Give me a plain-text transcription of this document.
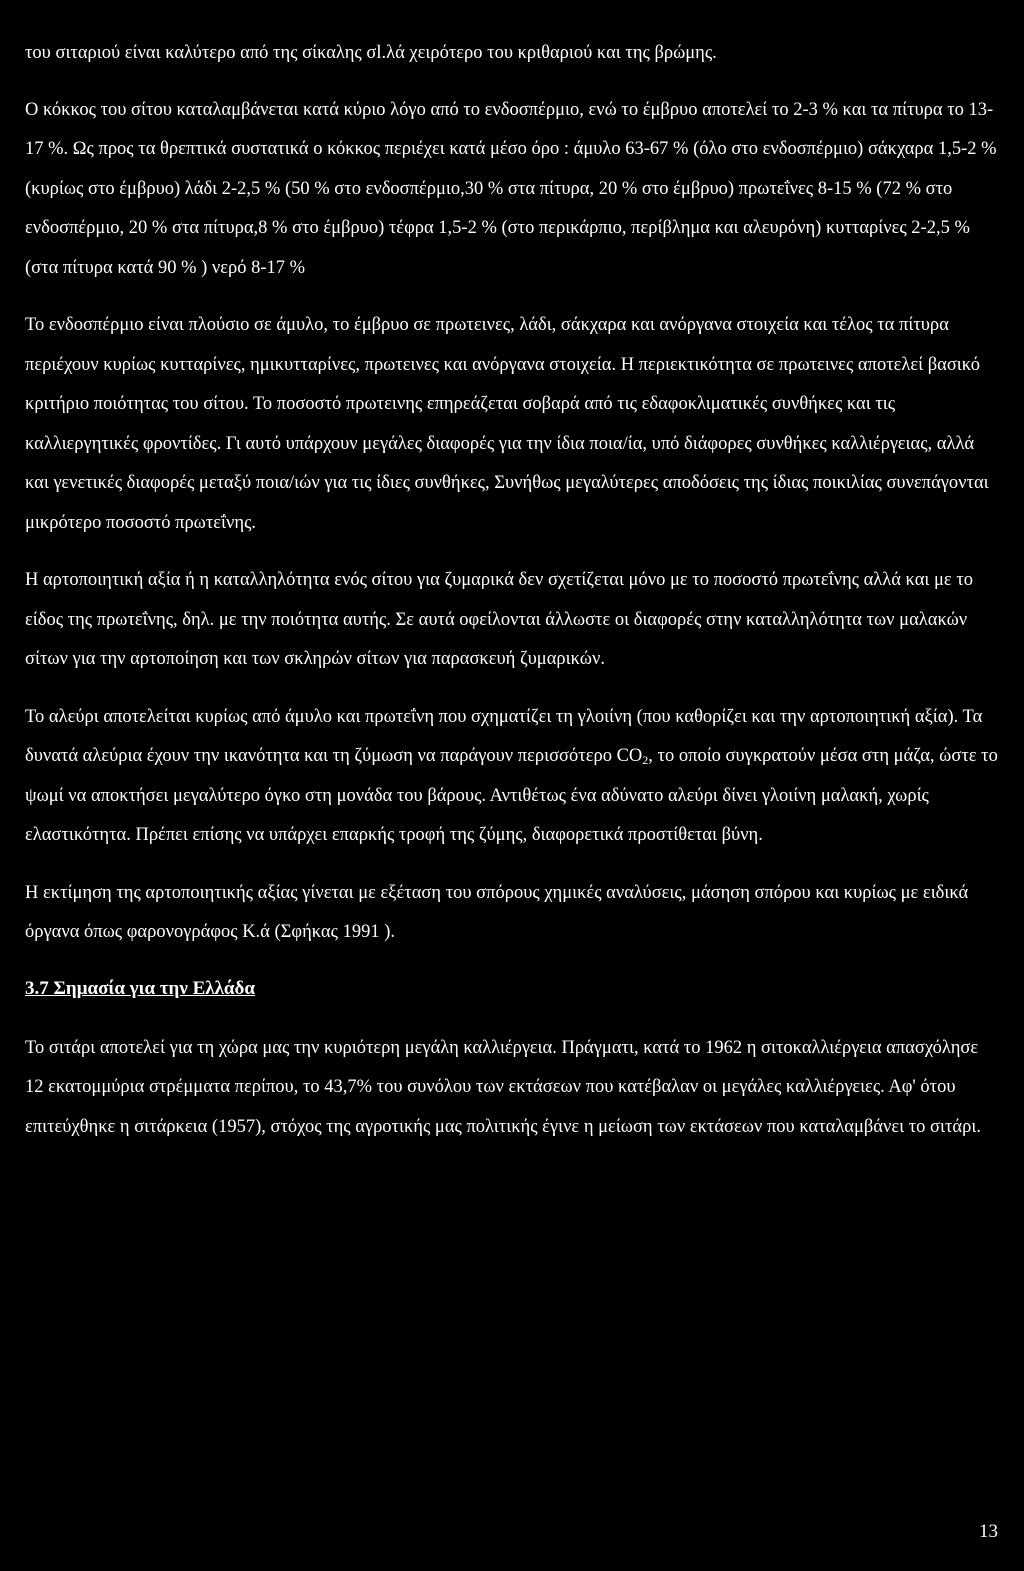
του σιταριού είναι καλύτερο από της σίκαλης σl.λά χειρότερο του κριθαριού και της βρώμης.

Ο κόκκος του σίτου καταλαμβάνεται κατά κύριο λόγο από το ενδοσπέρμιο, ενώ το έμβρυο αποτελεί το 2-3 % και τα πίτυρα το 13-17 %. Ως προς τα θρεπτικά συστατικά ο κόκκος περιέχει κατά μέσο όρο : άμυλο 63-67 % (όλο στο ενδοσπέρμιο) σάκχαρα 1,5-2 % (κυρίως στο έμβρυο) λάδι 2-2,5 % (50 % στο ενδοσπέρμιο,30 % στα πίτυρα, 20 % στο έμβρυο) πρωτεΐνες 8-15 % (72 % στο ενδοσπέρμιο, 20 % στα πίτυρα,8 % στο έμβρυο) τέφρα 1,5-2 % (στο περικάρπιο, περίβλημα και αλευρόνη) κυτταρίνες 2-2,5 % (στα πίτυρα κατά 90 % ) νερό 8-17 %

Το ενδοσπέρμιο είναι πλούσιο σε άμυλο, το έμβρυο σε πρωτεινες, λάδι, σάκχαρα και ανόργανα στοιχεία και τέλος τα πίτυρα περιέχουν κυρίως κυτταρίνες, ημικυτταρίνες, πρωτεινες και ανόργανα στοιχεία. Η περιεκτικότητα σε πρωτεινες αποτελεί βασικό κριτήριο ποιότητας του σίτου. Το ποσοστό πρωτεινης επηρεάζεται σοβαρά από τις εδαφοκλιματικές συνθήκες και τις καλλιεργητικές φροντίδες. Γι αυτό υπάρχουν μεγάλες διαφορές για την ίδια ποια/ία, υπό διάφορες συνθήκες καλλιέργειας, αλλά και γενετικές διαφορές μεταξύ ποια/ιών για τις ίδιες συνθήκες, Συνήθως μεγαλύτερες αποδόσεις της ίδιας ποικιλίας συνεπάγονται μικρότερο ποσοστό πρωτεΐνης.

Η αρτοποιητική αξία ή η καταλληλότητα ενός σίτου για ζυμαρικά δεν σχετίζεται μόνο με το ποσοστό πρωτεΐνης αλλά και με το είδος της πρωτεΐνης, δηλ. με την ποιότητα αυτής. Σε αυτά οφείλονται άλλωστε οι διαφορές στην καταλληλότητα των μαλακών σίτων για την αρτοποίηση και των σκληρών σίτων για παρασκευή ζυμαρικών.

Το αλεύρι αποτελείται κυρίως από άμυλο και πρωτεΐνη που σχηματίζει τη γλοιίνη (που καθορίζει και την αρτοποιητική αξία). Τα δυνατά αλεύρια έχουν την ικανότητα και τη ζύμωση να παράγουν περισσότερο $CO_2$, το οποίο συγκρατούν μέσα στη μάζα, ώστε το ψωμί να αποκτήσει μεγαλύτερο όγκο στη μονάδα του βάρους. Αντιθέτως ένα αδύνατο αλεύρι δίνει γλοιίνη μαλακή, χωρίς ελαστικότητα. Πρέπει επίσης να υπάρχει επαρκής τροφή της ζύμης, διαφορετικά προστίθεται βύνη.

Η εκτίμηση της αρτοποιητικής αξίας γίνεται με εξέταση του σπόρους χημικές αναλύσεις, μάσηση σπόρου και κυρίως με ειδικά όργανα όπως φαρονογράφος Κ.ά (Σφήκας 1991 ).

3.7 Σημασία για την Ελλάδα

Το σιτάρι αποτελεί για τη χώρα μας την κυριότερη μεγάλη καλλιέργεια. Πράγματι, κατά το 1962 η σιτοκαλλιέργεια απασχόλησε 12 εκατομμύρια στρέμματα περίπου, το 43,7% του συνόλου των εκτάσεων που κατέβαλαν οι μεγάλες καλλιέργειες. Αφ' ότου επιτεύχθηκε η σιτάρκεια (1957), στόχος της αγροτικής μας πολιτικής έγινε η μείωση των εκτάσεων που καταλαμβάνει το σιτάρι.

13
